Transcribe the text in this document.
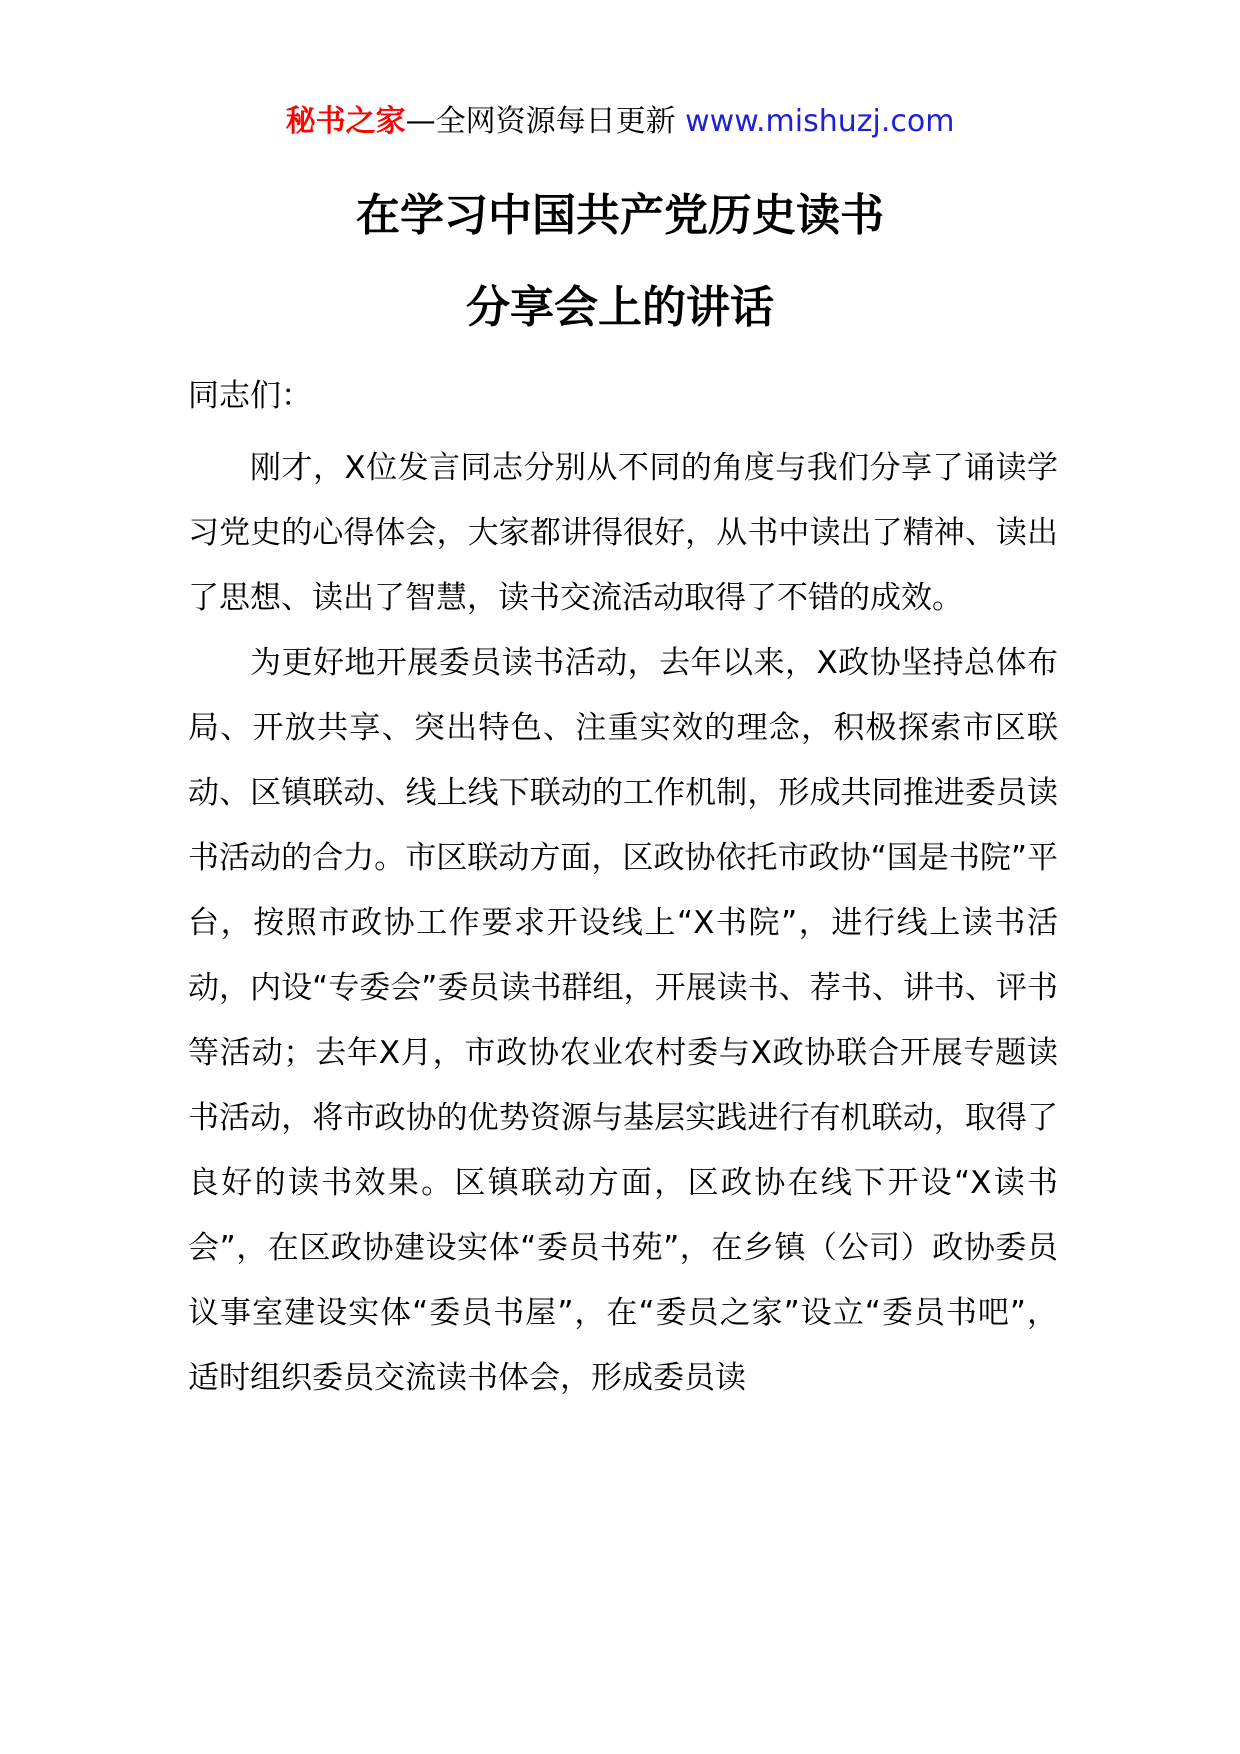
秘书之家—全网资源每日更新 www.mishuzj.com
在学习中国共产党历史读书
分享会上的讲话
同志们：

刚才，X位发言同志分别从不同的角度与我们分享了诵读学习党史的心得体会，大家都讲得很好，从书中读出了精神、读出了思想、读出了智慧，读书交流活动取得了不错的成效。

为更好地开展委员读书活动，去年以来，X政协坚持总体布局、开放共享、突出特色、注重实效的理念，积极探索市区联动、区镇联动、线上线下联动的工作机制，形成共同推进委员读书活动的合力。市区联动方面，区政协依托市政协“国是书院”平台，按照市政协工作要求开设线上“X书院”，进行线上读书活动，内设“专委会”委员读书群组，开展读书、荐书、讲书、评书等活动；去年X月，市政协农业农村委与X政协联合开展专题读书活动，将市政协的优势资源与基层实践进行有机联动，取得了良好的读书效果。区镇联动方面，区政协在线下开设“X读书会”，在区政协建设实体“委员书苑”，在乡镇（公司）政协委员议事室建设实体“委员书屋”，在“委员之家”设立“委员书吧”，适时组织委员交流读书体会，形成委员读
